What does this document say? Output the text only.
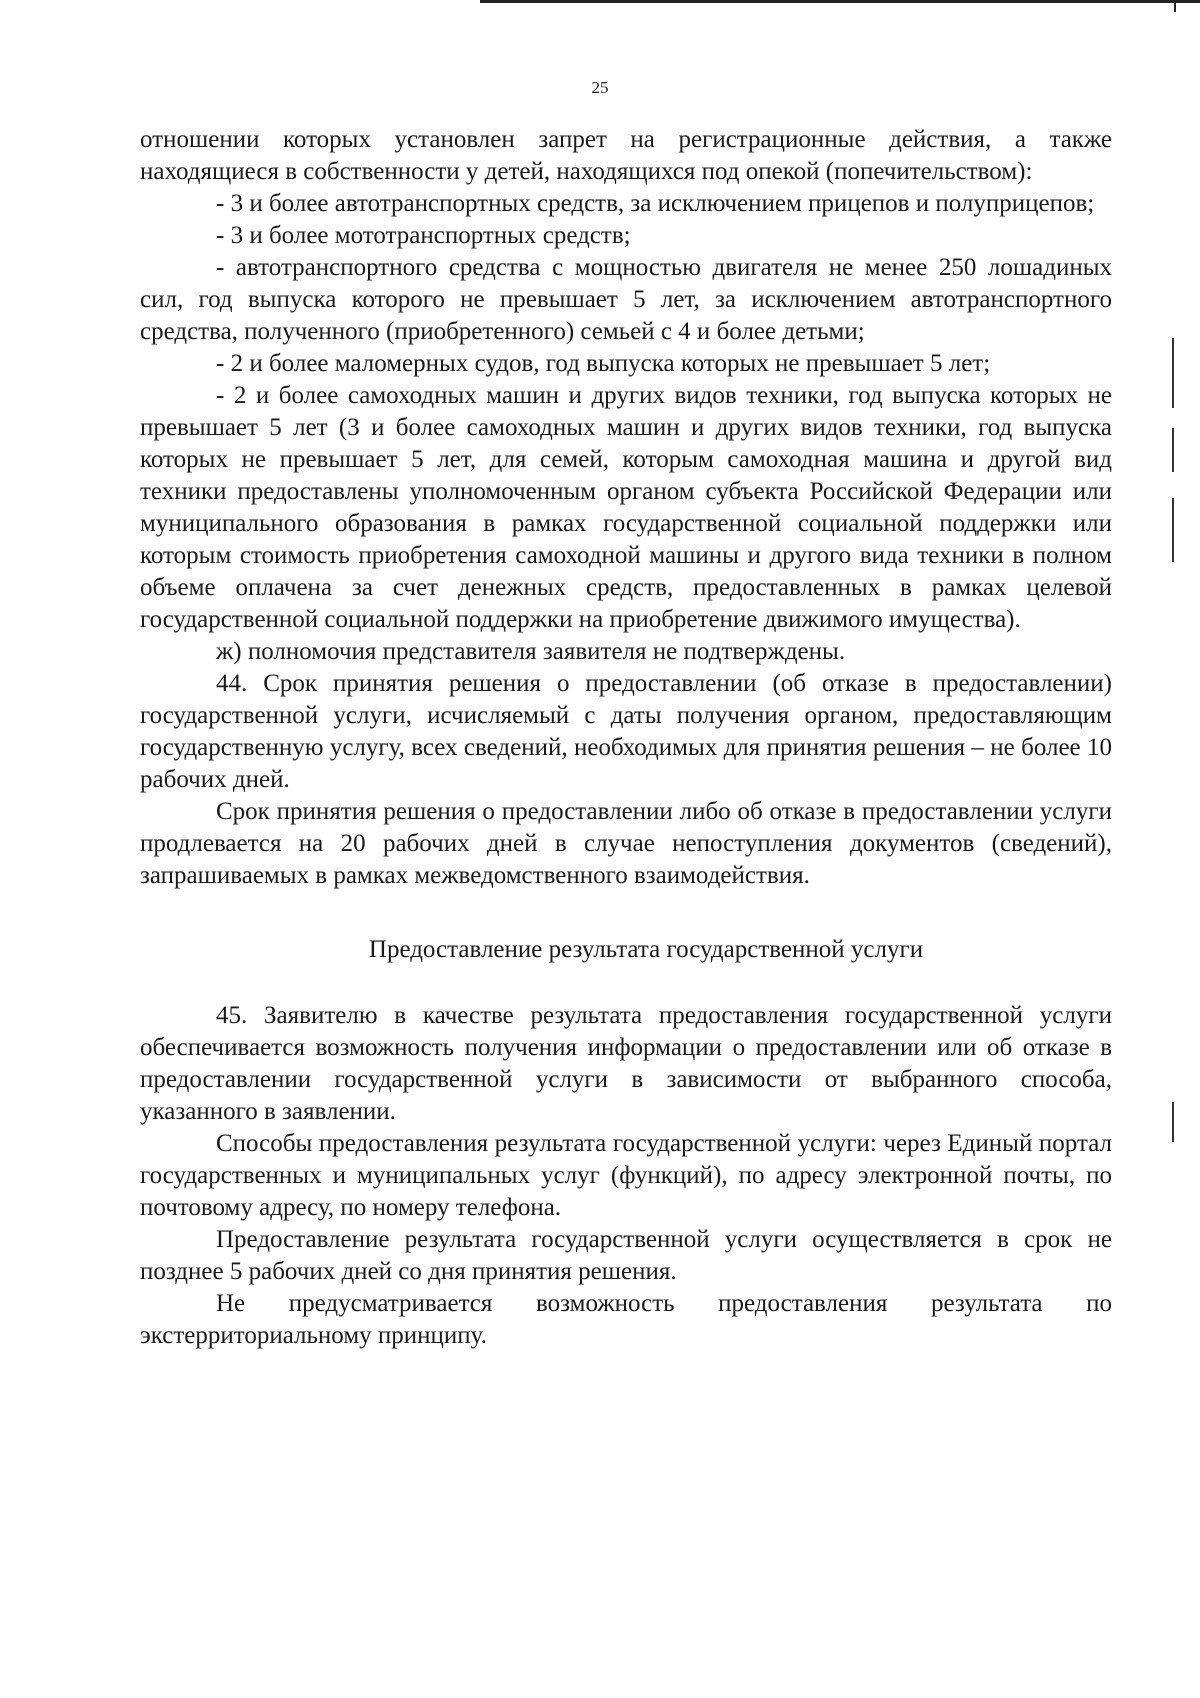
25

отношении которых установлен запрет на регистрационные действия, а также находящиеся в собственности у детей, находящихся под опекой (попечительством):

- 3 и более автотранспортных средств, за исключением прицепов и полуприцепов;

- 3 и более мототранспортных средств;

- автотранспортного средства с мощностью двигателя не менее 250 лошадиных сил, год выпуска которого не превышает 5 лет, за исключением автотранспортного средства, полученного (приобретенного) семьей с 4 и более детьми;

- 2 и более маломерных судов, год выпуска которых не превышает 5 лет;

- 2 и более самоходных машин и других видов техники, год выпуска которых не превышает 5 лет (3 и более самоходных машин и других видов техники, год выпуска которых не превышает 5 лет, для семей, которым самоходная машина и другой вид техники предоставлены уполномоченным органом субъекта Российской Федерации или муниципального образования в рамках государственной социальной поддержки или которым стоимость приобретения самоходной машины и другого вида техники в полном объеме оплачена за счет денежных средств, предоставленных в рамках целевой государственной социальной поддержки на приобретение движимого имущества).

ж) полномочия представителя заявителя не подтверждены.

44. Срок принятия решения о предоставлении (об отказе в предоставлении) государственной услуги, исчисляемый с даты получения органом, предоставляющим государственную услугу, всех сведений, необходимых для принятия решения – не более 10 рабочих дней.

Срок принятия решения о предоставлении либо об отказе в предоставлении услуги продлевается на 20 рабочих дней в случае непоступления документов (сведений), запрашиваемых в рамках межведомственного взаимодействия.

Предоставление результата государственной услуги

45. Заявителю в качестве результата предоставления государственной услуги обеспечивается возможность получения информации о предоставлении или об отказе в предоставлении государственной услуги в зависимости от выбранного способа, указанного в заявлении.

Способы предоставления результата государственной услуги: через Единый портал государственных и муниципальных услуг (функций), по адресу электронной почты, по почтовому адресу, по номеру телефона.

Предоставление результата государственной услуги осуществляется в срок не позднее 5 рабочих дней со дня принятия решения.

Не предусматривается возможность предоставления результата по экстерриториальному принципу.
